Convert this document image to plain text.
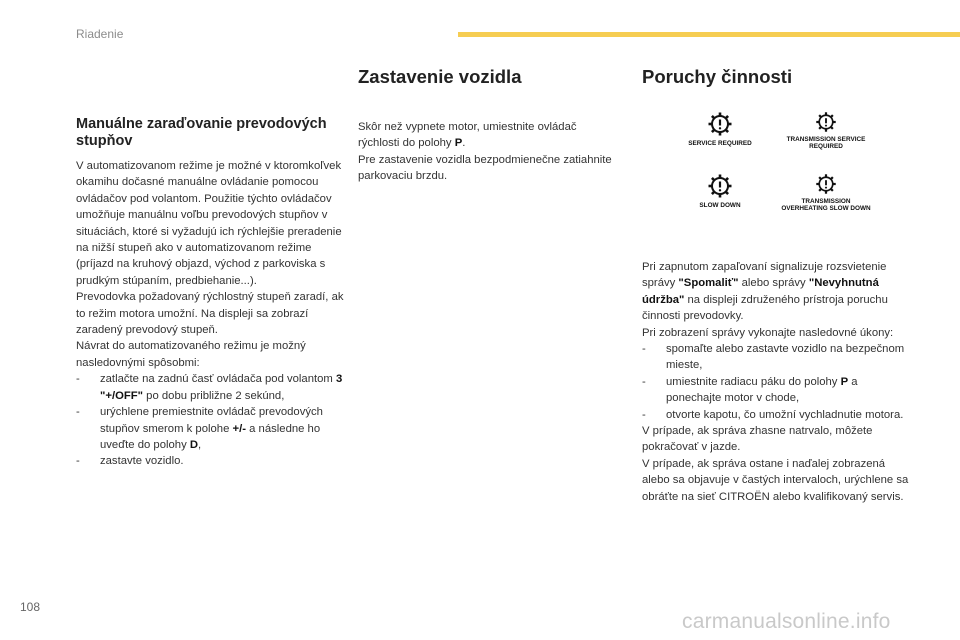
Riadenie
Manuálne zaraďovanie prevodových stupňov

V automatizovanom režime je možné v ktoromkoľvek okamihu dočasné manuálne ovládanie pomocou ovládačov pod volantom. Použitie týchto ovládačov umožňuje manuálnu voľbu prevodových stupňov v situáciách, ktoré si vyžadujú ich rýchlejšie preradenie na nižší stupeň ako v automatizovanom režime (príjazd na kruhový objazd, východ z parkoviska s prudkým stúpaním, predbiehanie...).

Prevodovka požadovaný rýchlostný stupeň zaradí, ak to režim motora umožní. Na displeji sa zobrazí zaradený prevodový stupeň.

Návrat do automatizovaného režimu je možný nasledovnými spôsobmi:

- zatlačte na zadnú časť ovládača pod volantom 3 "+/OFF" po dobu približne 2 sekúnd,
- urýchlene premiestnite ovládač prevodových stupňov smerom k polohe +/- a následne ho uveďte do polohy D,
- zastavte vozidlo.
Zastavenie vozidla

Skôr než vypnete motor, umiestnite ovládač rýchlosti do polohy P.

Pre zastavenie vozidla bezpodmienečne zatiahnite parkovaciu brzdu.

Poruchy činnosti
SERVICE REQUIRED
TRANSMISSION SERVICE REQUIRED
SLOW DOWN
TRANSMISSION OVERHEATING SLOW DOWN

Pri zapnutom zapaľovaní signalizuje rozsvietenie správy "Spomaliť" alebo správy "Nevyhnutná údržba" na displeji združeného prístroja poruchu činnosti prevodovky.

Pri zobrazení správy vykonajte nasledovné úkony:

- spomaľte alebo zastavte vozidlo na bezpečnom mieste,
- umiestnite radiacu páku do polohy P a ponechajte motor v chode,
- otvorte kapotu, čo umožní vychladnutie motora.

V prípade, ak správa zhasne natrvalo, môžete pokračovať v jazde.

V prípade, ak správa ostane i naďalej zobrazená alebo sa objavuje v častých intervaloch, urýchlene sa obráťte na sieť CITROËN alebo kvalifikovaný servis.

108
carmanualsonline.info
